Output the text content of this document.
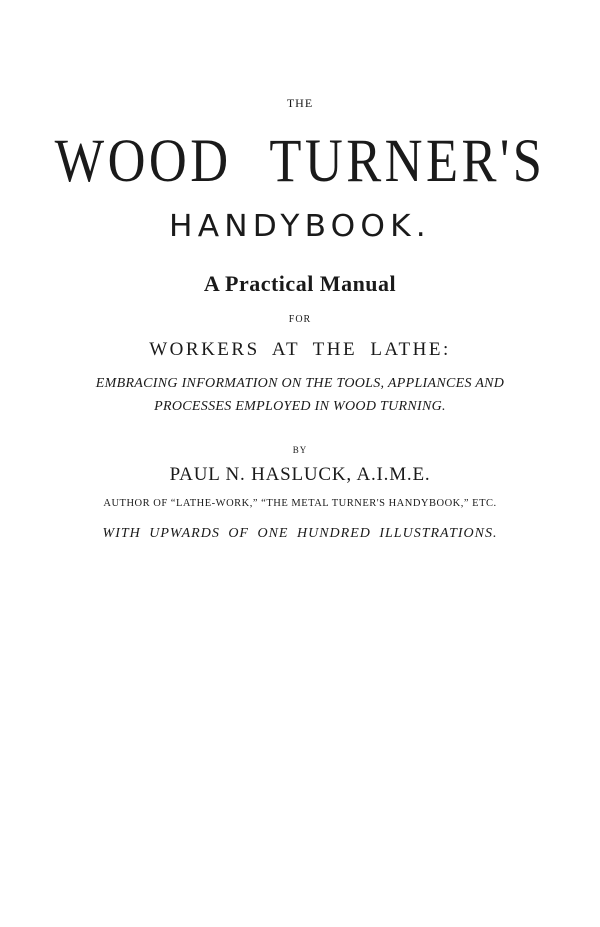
THE
WOOD TURNER'S
HANDYBOOK.
A Practical Manual
FOR
WORKERS AT THE LATHE:
EMBRACING INFORMATION ON THE TOOLS, APPLIANCES AND
PROCESSES EMPLOYED IN WOOD TURNING.
BY
PAUL N. HASLUCK, A.I.M.E.
AUTHOR OF “LATHE-WORK,” “THE METAL TURNER'S HANDYBOOK,” ETC.
WITH UPWARDS OF ONE HUNDRED ILLUSTRATIONS.
